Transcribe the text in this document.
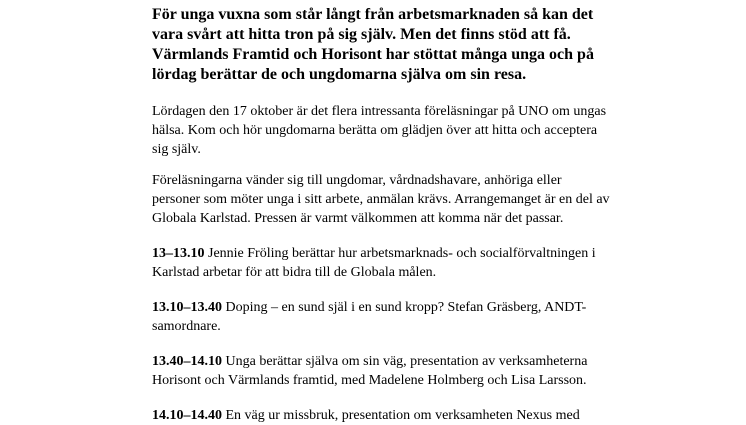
För unga vuxna som står långt från arbetsmarknaden så kan det vara svårt att hitta tron på sig själv. Men det finns stöd att få. Värmlands Framtid och Horisont har stöttat många unga och på lördag berättar de och ungdomarna själva om sin resa.

Lördagen den 17 oktober är det flera intressanta föreläsningar på UNO om ungas hälsa. Kom och hör ungdomarna berätta om glädjen över att hitta och acceptera sig själv.

Föreläsningarna vänder sig till ungdomar, vårdnadshavare, anhöriga eller personer som möter unga i sitt arbete, anmälan krävs. Arrangemanget är en del av Globala Karlstad. Pressen är varmt välkommen att komma när det passar.

13–13.10 Jennie Fröling berättar hur arbetsmarknads- och socialförvaltningen i Karlstad arbetar för att bidra till de Globala målen.

13.10–13.40 Doping – en sund själ i en sund kropp? Stefan Gräsberg, ANDT-samordnare.

13.40–14.10 Unga berättar själva om sin väg, presentation av verksamheterna Horisont och Värmlands framtid, med Madelene Holmberg och Lisa Larsson.

14.10–14.40 En väg ur missbruk, presentation om verksamheten Nexus med
